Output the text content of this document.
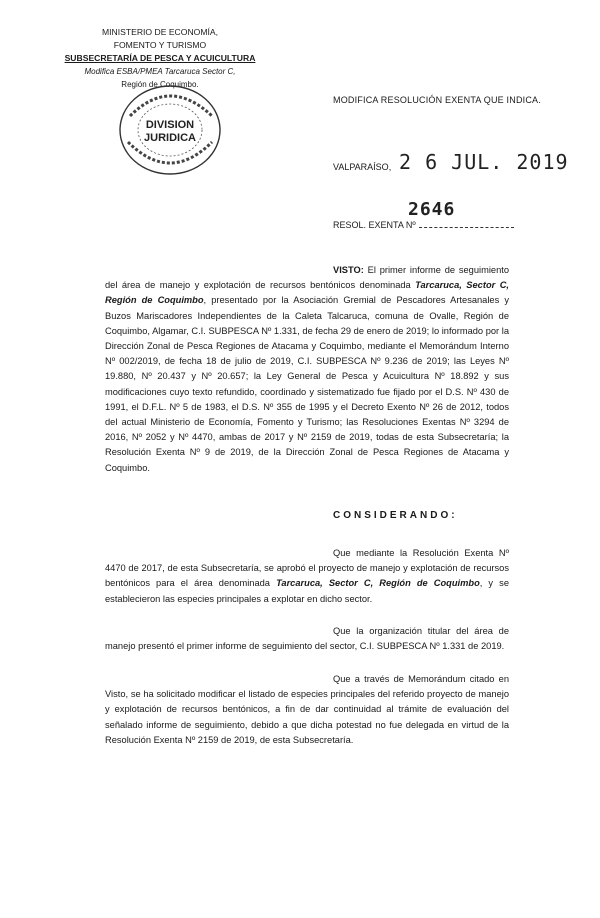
MINISTERIO DE ECONOMÍA,
FOMENTO Y TURISMO
SUBSECRETARÍA DE PESCA Y ACUICULTURA
Modifica ESBA/PMEA Tarcaruca Sector C,
Región de Coquimbo.
DIVISION
JURIDICA
MODIFICA RESOLUCIÓN EXENTA QUE INDICA.
2 6 JUL. 2019
VALPARAÍSO,
2646
RESOL. EXENTA Nº

VISTO: El primer informe de seguimiento del área de manejo y explotación de recursos bentónicos denominada Tarcaruca, Sector C, Región de Coquimbo, presentado por la Asociación Gremial de Pescadores Artesanales y Buzos Mariscadores Independientes de la Caleta Talcaruca, comuna de Ovalle, Región de Coquimbo, Algamar, C.I. SUBPESCA Nº 1.331, de fecha 29 de enero de 2019; lo informado por la Dirección Zonal de Pesca Regiones de Atacama y Coquimbo, mediante el Memorándum Interno Nº 002/2019, de fecha 18 de julio de 2019, C.I. SUBPESCA Nº 9.236 de 2019; las Leyes Nº 19.880, Nº 20.437 y Nº 20.657; la Ley General de Pesca y Acuicultura Nº 18.892 y sus modificaciones cuyo texto refundido, coordinado y sistematizado fue fijado por el D.S. Nº 430 de 1991, el D.F.L. Nº 5 de 1983, el D.S. Nº 355 de 1995 y el Decreto Exento Nº 26 de 2012, todos del actual Ministerio de Economía, Fomento y Turismo; las Resoluciones Exentas Nº 3294 de 2016, Nº 2052 y Nº 4470, ambas de 2017 y Nº 2159 de 2019, todas de esta Subsecretaría; la Resolución Exenta Nº 9 de 2019, de la Dirección Zonal de Pesca Regiones de Atacama y Coquimbo.

CONSIDERANDO:

Que mediante la Resolución Exenta Nº 4470 de 2017, de esta Subsecretaría, se aprobó el proyecto de manejo y explotación de recursos bentónicos para el área denominada Tarcaruca, Sector C, Región de Coquimbo, y se establecieron las especies principales a explotar en dicho sector.

Que la organización titular del área de manejo presentó el primer informe de seguimiento del sector, C.I. SUBPESCA Nº 1.331 de 2019.

Que a través de Memorándum citado en Visto, se ha solicitado modificar el listado de especies principales del referido proyecto de manejo y explotación de recursos bentónicos, a fin de dar continuidad al trámite de evaluación del señalado informe de seguimiento, debido a que dicha potestad no fue delegada en virtud de la Resolución Exenta Nº 2159 de 2019, de esta Subsecretaría.
